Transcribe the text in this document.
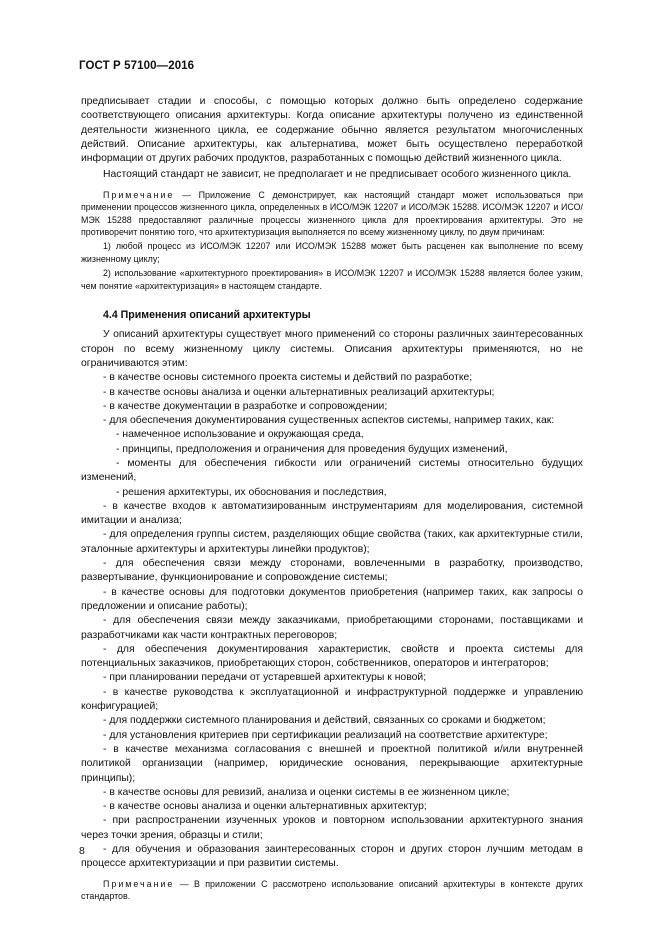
ГОСТ Р 57100—2016

предписывает стадии и способы, с помощью которых должно быть определено содержание соответствующего описания архитектуры. Когда описание архитектуры получено из единственной деятельности жизненного цикла, ее содержание обычно является результатом многочисленных действий. Описание архитектуры, как альтернатива, может быть осуществлено переработкой информации от других рабочих продуктов, разработанных с помощью действий жизненного цикла.

Настоящий стандарт не зависит, не предполагает и не предписывает особого жизненного цикла.

Примечание — Приложение С демонстрирует, как настоящий стандарт может использоваться при применении процессов жизненного цикла, определенных в ИСО/МЭК 12207 и ИСО/МЭК 15288. ИСО/МЭК 12207 и ИСО/МЭК 15288 предоставляют различные процессы жизненного цикла для проектирования архитектуры. Это не противоречит понятию того, что архитектуризация выполняется по всему жизненному циклу, по двум причинам:

1) любой процесс из ИСО/МЭК 12207 или ИСО/МЭК 15288 может быть расценен как выполнение по всему жизненному циклу;

2) использование «архитектурного проектирования» в ИСО/МЭК 12207 и ИСО/МЭК 15288 является более узким, чем понятие «архитектуризация» в настоящем стандарте.

4.4 Применения описаний архитектуры

У описаний архитектуры существует много применений со стороны различных заинтересованных сторон по всему жизненному циклу системы. Описания архитектуры применяются, но не ограничиваются этим:

- в качестве основы системного проекта системы и действий по разработке;

- в качестве основы анализа и оценки альтернативных реализаций архитектуры;

- в качестве документации в разработке и сопровождении;

- для обеспечения документирования существенных аспектов системы, например таких, как:

- намеченное использование и окружающая среда,

- принципы, предположения и ограничения для проведения будущих изменений,

- моменты для обеспечения гибкости или ограничений системы относительно будущих изменений,

- решения архитектуры, их обоснования и последствия,

- в качестве входов к автоматизированным инструментариям для моделирования, системной имитации и анализа;

- для определения группы систем, разделяющих общие свойства (таких, как архитектурные стили, эталонные архитектуры и архитектуры линейки продуктов);

- для обеспечения связи между сторонами, вовлеченными в разработку, производство, развертывание, функционирование и сопровождение системы;

- в качестве основы для подготовки документов приобретения (например таких, как запросы о предложении и описание работы);

- для обеспечения связи между заказчиками, приобретающими сторонами, поставщиками и разработчиками как части контрактных переговоров;

- для обеспечения документирования характеристик, свойств и проекта системы для потенциальных заказчиков, приобретающих сторон, собственников, операторов и интеграторов;

- при планировании передачи от устаревшей архитектуры к новой;

- в качестве руководства к эксплуатационной и инфраструктурной поддержке и управлению конфигурацией;

- для поддержки системного планирования и действий, связанных со сроками и бюджетом;

- для установления критериев при сертификации реализаций на соответствие архитектуре;

- в качестве механизма согласования с внешней и проектной политикой и/или внутренней политикой организации (например, юридические основания, перекрывающие архитектурные принципы);

- в качестве основы для ревизий, анализа и оценки системы в ее жизненном цикле;

- в качестве основы анализа и оценки альтернативных архитектур;

- при распространении изученных уроков и повторном использовании архитектурного знания через точки зрения, образцы и стили;

- для обучения и образования заинтересованных сторон и других сторон лучшим методам в процессе архитектуризации и при развитии системы.

Примечание — В приложении С рассмотрено использование описаний архитектуры в контексте других стандартов.

8
